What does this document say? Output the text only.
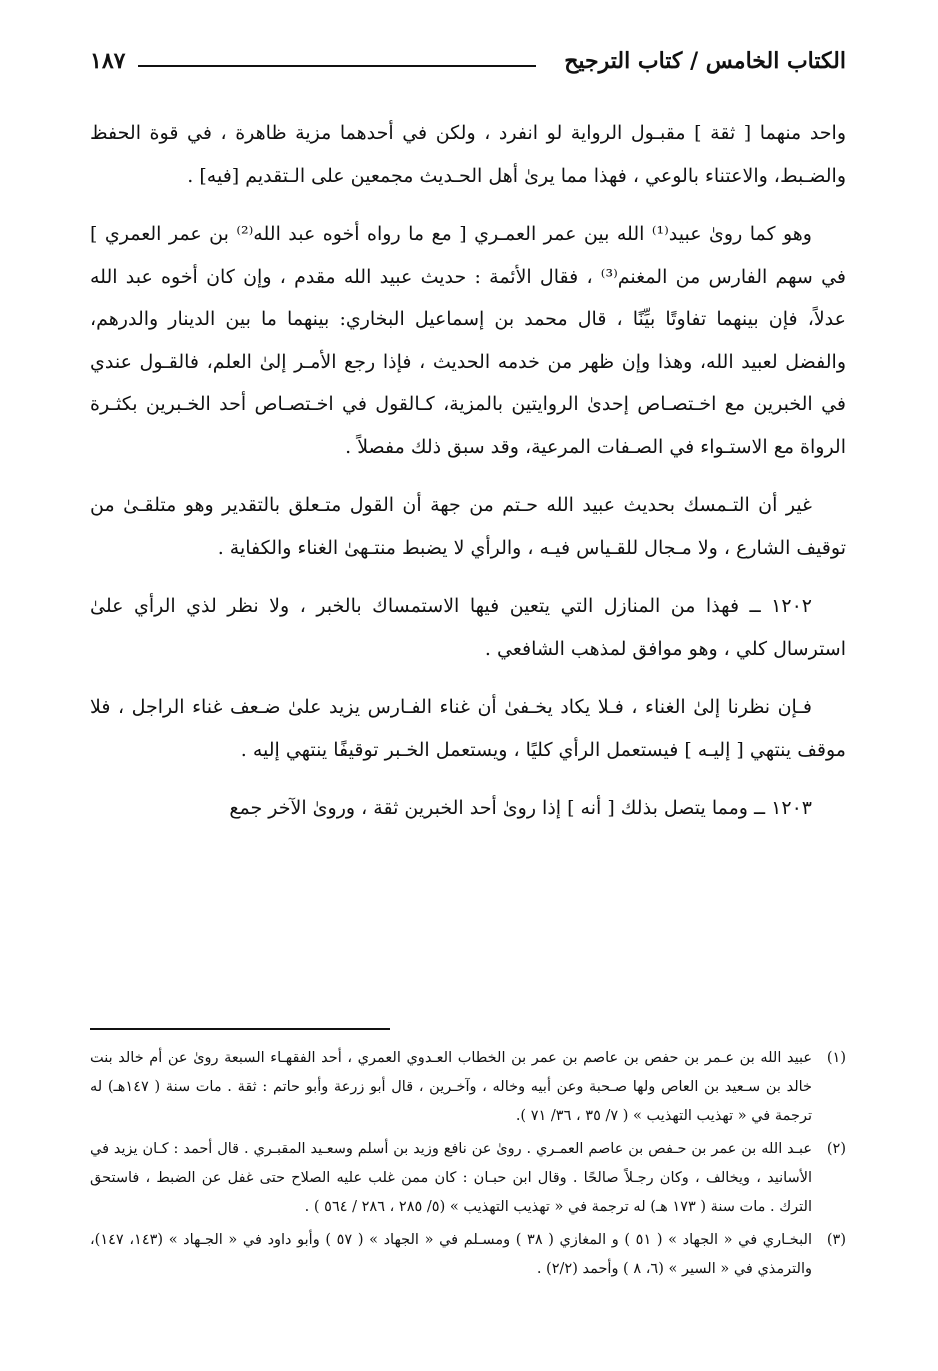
الكتاب الخامس / كتاب الترجيح
١٨٧

واحد منهما [ ثقة ] مقبـول الرواية لو انفرد ، ولكن في أحدهما مزية ظاهرة ، في قوة الحفظ والضـبط، والاعتناء بالوعي ، فهذا مما يرىٰ أهل الحـديث مجمعين على الـتقديم [فيه] .

وهو كما روىٰ عبيد⁽¹⁾ الله بين عمر العمـري [ مع ما رواه أخوه عبد الله⁽²⁾ بن عمر العمري ] في سهم الفارس من المغنم⁽³⁾ ، فقال الأئمة : حديث عبيد الله مقدم ، وإن كان أخوه عبد الله عدلاً، فإن بينهما تفاوتًا بيِّنًا ، قال محمد بن إسماعيل البخاري: بينهما ما بين الدينار والدرهم، والفضل لعبيد الله، وهذا وإن ظهر من خدمه الحديث ، فإذا رجع الأمـر إلىٰ العلم، فالقـول عندي في الخبرين مع اخـتصـاص إحدىٰ الروايتين بالمزية، كـالقول في اخـتصـاص أحد الخـبرين بكثـرة الرواة مع الاستـواء في الصـفات المرعية، وقد سبق ذلك مفصلاً .

غير أن التـمسك بحديث عبيد الله حـتم من جهة أن القول متـعلق بالتقدير وهو متلقـىٰ من توقيف الشارع ، ولا مـجال للقـياس فيـه ، والرأي لا يضبط منتـهىٰ الغناء والكفاية .

١٢٠٢ ــ فهذا من المنازل التي يتعين فيها الاستمساك بالخبر ، ولا نظر لذي الرأي علىٰ استرسال كلي ، وهو موافق لمذهب الشافعي .

فـإن نظرنا إلىٰ الغناء ، فـلا يكاد يخـفىٰ أن غناء الفـارس يزيد علىٰ ضـعف غناء الراجل ، فلا موقف ينتهي [ إليـه ] فيستعمل الرأي كليًا ، ويستعمل الخـبر توقيفًا ينتهي إليه .

١٢٠٣ ــ ومما يتصل بذلك [ أنه ] إذا روىٰ أحد الخبرين ثقة ، وروىٰ الآخر جمع

(١)
عبيد الله بن عـمر بن حفص بن عاصم بن عمر بن الخطاب العـدوي العمري ، أحد الفقهـاء السبعة روىٰ عن أم خالد بنت خالد بن سـعيد بن العاص ولها صـحبة وعن أبيه وخاله ، وآخـرين ، قال أبو زرعة وأبو حاتم : ثقة . مات سنة ( ١٤٧هـ) له ترجمة في « تهذيب التهذيب » ( ٧/ ٣٥ ، ٣٦/ ٧١ ).
(٢)
عبـد الله بن عمر بن حـفص بن عاصم العمـري . روىٰ عن نافع وزيد بن أسلم وسعـيد المقبـري . قال أحمد : كـان يزيد في الأسانيد ، ويخالف ، وكان رجـلاً صالحًا . وقال ابن حبـان : كان ممن غلب عليه الصلاح حتى غفل عن الضبط ، فاستحق الترك . مات سنة ( ١٧٣ هـ) له ترجمة في « تهذيب التهذيب » (٥/ ٢٨٥ ، ٢٨٦ / ٥٦٤ ) .
(٣)
البخـاري في « الجهاد » ( ٥١ ) و المغازي ( ٣٨ ) ومسـلم في « الجهاد » ( ٥٧ ) وأبو داود في « الجـهاد » (١٤٣، ١٤٧)، والترمذي في « السير » (٦، ٨ ) وأحمد (٢/٢) .
